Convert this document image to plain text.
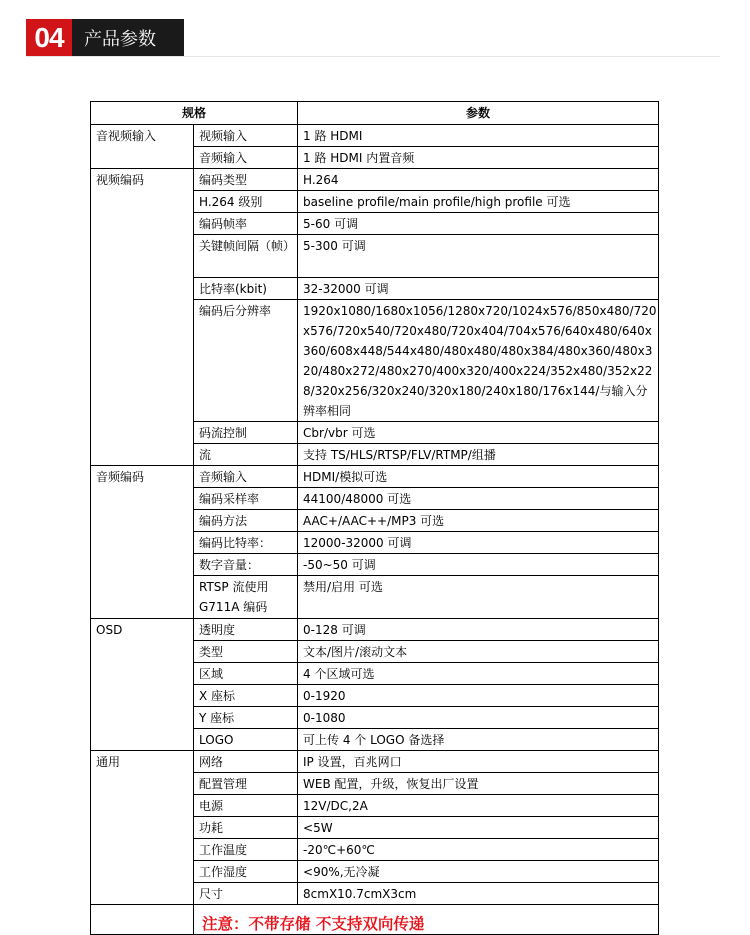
04	产品参数
规格		参数
音视频输入	视频输入	1 路 HDMI
	音频输入	1 路 HDMI 内置音频
视频编码	编码类型	H.264
	H.264 级别	baseline profile/main profile/high profile 可选
	编码帧率	5-60 可调
	关键帧间隔（帧）	5-300 可调
	比特率(kbit)	32-32000 可调
	编码后分辨率	1920x1080/1680x1056/1280x720/1024x576/850x480/720x576/720x540/720x480/720x404/704x576/640x480/640x360/608x448/544x480/480x480/480x384/480x360/480x320/480x272/480x270/400x320/400x224/352x480/352x228/320x256/320x240/320x180/240x180/176x144/与输入分辨率相同
	码流控制	Cbr/vbr 可选
	流	支持 TS/HLS/RTSP/FLV/RTMP/组播
音频编码	音频输入	HDMI/模拟可选
	编码采样率	44100/48000 可选
	编码方法	AAC+/AAC++/MP3 可选
	编码比特率：	12000-32000 可调
	数字音量：	-50~50 可调
	RTSP 流使用 G711A 编码	禁用/启用 可选
OSD	透明度	0-128 可调
	类型	文本/图片/滚动文本
	区域	4 个区域可选
	X 座标	0-1920
	Y 座标	0-1080
	LOGO	可上传 4 个 LOGO 备选择
通用	网络	IP 设置，百兆网口
	配置管理	WEB 配置，升级，恢复出厂设置
	电源	12V/DC,2A
	功耗	<5W
	工作温度	-20℃+60℃
	工作湿度	<90%,无冷凝
	尺寸	8cmX10.7cmX3cm

	注意：不带存储 不支持双向传递	
